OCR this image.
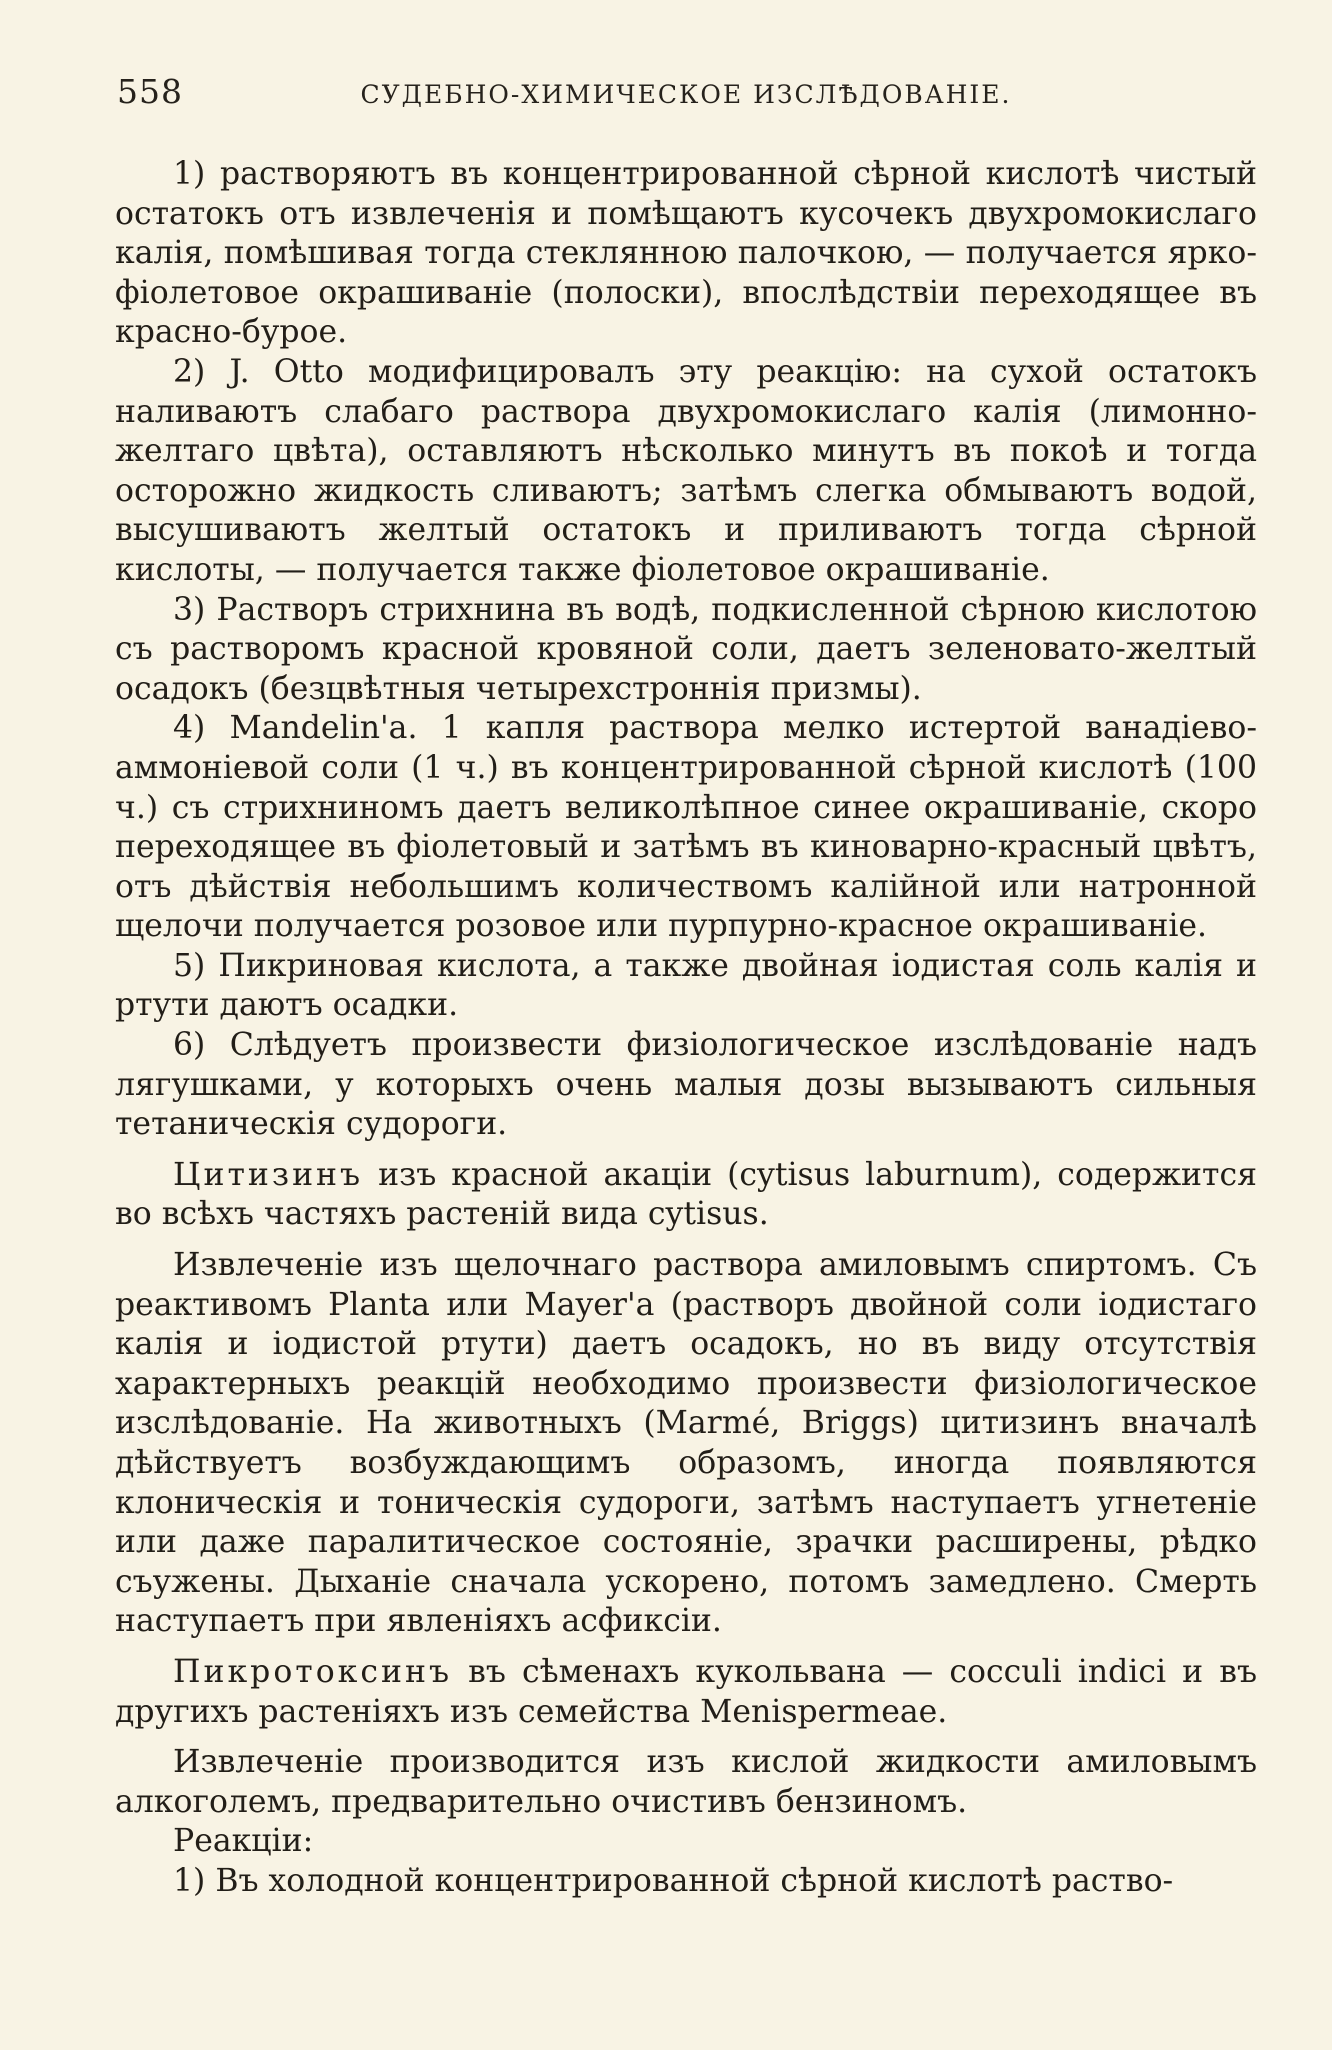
558	СУДЕБНО-ХИМИЧЕСКОЕ ИЗСЛѢДОВАНІЕ.

1) растворяютъ въ концентрированной сѣрной кислотѣ чистый остатокъ отъ извлеченія и помѣщаютъ кусочекъ двухромокислаго калія, помѣшивая тогда стеклянною палочкою, — получается ярко-фіолетовое окрашиваніе (полоски), впослѣдствіи переходящее въ красно-бурое.

2) J. Otto модифицировалъ эту реакцію: на сухой остатокъ наливаютъ слабаго раствора двухромокислаго калія (лимонно-желтаго цвѣта), оставляютъ нѣсколько минутъ въ покоѣ и тогда осторожно жидкость сливаютъ; затѣмъ слегка обмываютъ водой, высушиваютъ желтый остатокъ и приливаютъ тогда сѣрной кислоты, — получается также фіолетовое окрашиваніе.

3) Растворъ стрихнина въ водѣ, подкисленной сѣрною кислотою съ растворомъ красной кровяной соли, даетъ зеленовато-желтый осадокъ (безцвѣтныя четырехстроннія призмы).

4) Mandelin'а. 1 капля раствора мелко истертой ванадіево-аммоніевой соли (1 ч.) въ концентрированной сѣрной кислотѣ (100 ч.) съ стрихниномъ даетъ великолѣпное синее окрашиваніе, скоро переходящее въ фіолетовый и затѣмъ въ киноварно-красный цвѣтъ, отъ дѣйствія небольшимъ количествомъ калійной или натронной щелочи получается розовое или пурпурно-красное окрашиваніе.

5) Пикриновая кислота, а также двойная іодистая соль калія и ртути даютъ осадки.

6) Слѣдуетъ произвести физіологическое изслѣдованіе надъ лягушками, у которыхъ очень малыя дозы вызываютъ сильныя тетаническія судороги.

Цитизинъ изъ красной акаціи (cytisus laburnum), содержится во всѣхъ частяхъ растеній вида cytisus.

Извлеченіе изъ щелочнаго раствора амиловымъ спиртомъ. Съ реактивомъ Planta или Mayer'а (растворъ двойной соли іодистаго калія и іодистой ртути) даетъ осадокъ, но въ виду отсутствія характерныхъ реакцій необходимо произвести физіологическое изслѣдованіе. На животныхъ (Marmé, Briggs) цитизинъ вначалѣ дѣйствуетъ возбуждающимъ образомъ, иногда появляются клоническія и тоническія судороги, затѣмъ наступаетъ угнетеніе или даже паралитическое состояніе, зрачки расширены, рѣдко съужены. Дыханіе сначала ускорено, потомъ замедлено. Смерть наступаетъ при явленіяхъ асфиксіи.

Пикротоксинъ въ сѣменахъ кукольвана — cocculi indici и въ другихъ растеніяхъ изъ семейства Menispermeae.

Извлеченіе производится изъ кислой жидкости амиловымъ алкоголемъ, предварительно очистивъ бензиномъ.

Реакціи:

1) Въ холодной концентрированной сѣрной кислотѣ раство-
